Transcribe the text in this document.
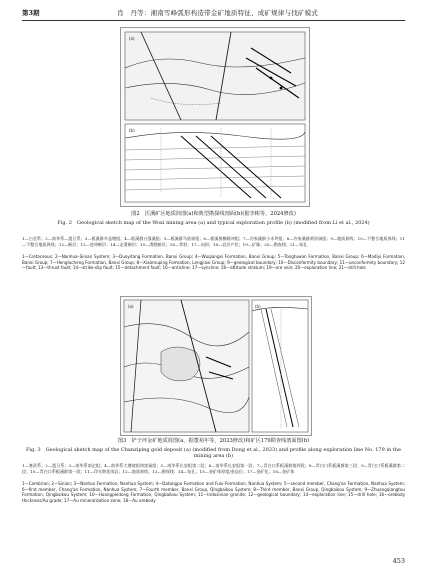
第3期	肖　丹等：湘南雪峰弧形构造带金矿地质特征、成矿规律与找矿模式
(a)
(b)
图2　沃溪矿区地质简图(a)和典型勘探线剖面(b)(据李彬等，2024修改)
Fig. 2　Geological sketch map of the Woxi mining area (a) and typical exploration profile (b) (modified from Li et al., 2024)
1—白垩系；2—南华系—震旦系；3—板溪群多益塘组；4—板溪群五强溪组；5—板溪群马底驿组；6—板溪群横路冲组；7—冷家溪群小木坪组；8—冷家溪群黄浒洞组；9—地质界线；10—不整合地质界线；11—不整合地质界线；12—断层；13—逆冲断层；14—走滑断层；15—滑脱断层；16—背斜；17—向斜；18—岩层产状；19—矿脉；20—勘查线；21—钻孔
1—Cretaceous; 2—Nanhua–Sinian System; 3—Duoyitang Formation, Banxi Group; 4—Wuqiangxi Formation, Banxi Group; 5—Tongtuwan Formation, Banxi Group; 6—Madiyi Formation, Banxi Group; 7—Henglucheng Formation, Banxi Group; 8—Xiaomuping Formation, Lengjiaxi Group; 9—geological boundary; 10—Disconformity boundary; 11—unconformity boundary; 12—fault; 13—thrust fault; 14—strike-slip fault; 15—detachment fault; 16—anticline; 17—syncline; 18—attitude stratum; 19—ore vein; 20—exploration line; 21—drill hole
(a)	(b)
图3　铲子坪金矿地质简图(a，据董裕年等，2023修改)和矿区179勘查线剖面图(b)
Fig. 3　Geological sketch map of the Chanziping gold deposit (a) (modified from Dong et al., 2023) and profile along exploration line No. 179 in the mining area (b)
1—寒武系；2—震旦系；3—南华系南沱组；4—南华系大塘坡组和富禄组；5—南华系长安组第二段；6—南华系长安组第一段；7—青白口系板溪群第四段；8—青白口系板溪群第三段；9—青白口系板溪群第二段；10—青白口系板溪群第一段；11—印支期花岗岩；12—地质界线；13—勘探线；14—钻孔；15—金矿体厚度/金品位；17—金矿化；18—金矿体
1—Cambrian; 2—Sinian; 3—Nantuo Formation, Nanhua System; 4—Datangpo Formation and Fulu Formation, Nanhua System; 5—second member, Chang'an Formation, Nanhua System; 6—first member, Chang'an Formation, Nanhua System; 7—Fourth member, Banxi Group, Qingbaikou System; 8—Third member, Banxi Group, Qingbaikou System; 9—Zhuangqiangtou Formation, Qingbaikou System; 10—Huangpeidong Formation, Qingbaikou System; 11—Indosinian granite; 12—geological boundary; 14—exploration line; 15—drill hole; 16—orebody thickness/Au grade; 17—Au mineralization zone; 18—Au orebody
453
